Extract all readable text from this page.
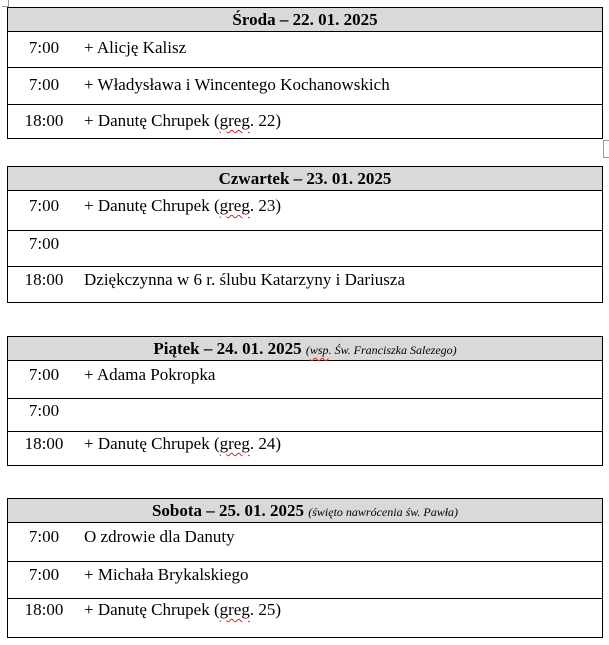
Środa – 22. 01. 2025
7:00	+ Alicję Kalisz
7:00	+ Władysława i Wincentego Kochanowskich
18:00 + Danutę Chrupek (greg. 22)
Czwartek – 23. 01. 2025
7:00	+ Danutę Chrupek (greg. 23)
7:00
18:00 Dziękczynna w 6 r. ślubu Katarzyny i Dariusza
Piątek – 24. 01. 2025 (wsp. Św. Franciszka Salezego)
7:00	+ Adama Pokropka
7:00
18:00 + Danutę Chrupek (greg. 24)
Sobota – 25. 01. 2025 (święto nawrócenia św. Pawła)
7:00	O zdrowie dla Danuty
7:00	+ Michała Brykalskiego
18:00 + Danutę Chrupek (greg. 25)
